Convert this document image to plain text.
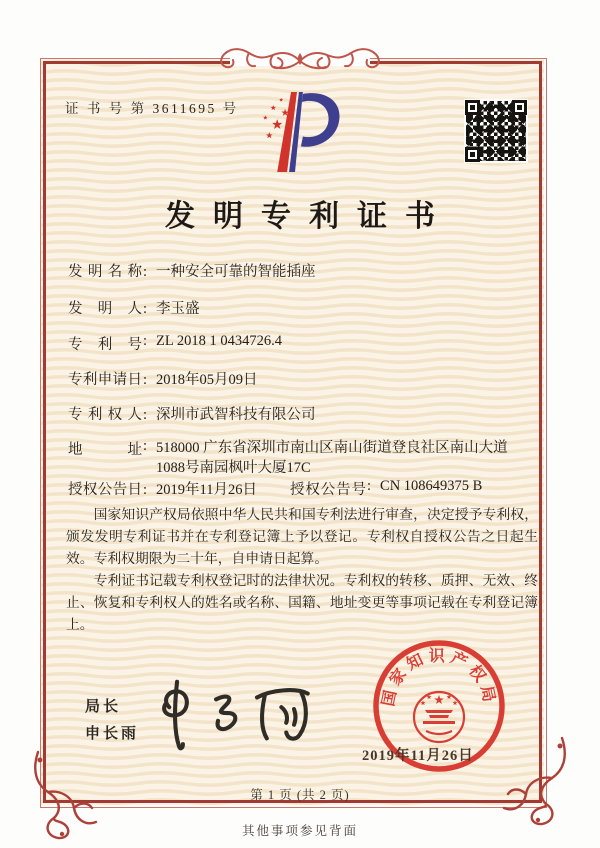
证 书 号 第 3611695 号
发明专利证书
发明名称: 一种安全可靠的智能插座
发明人: 李玉盛
专利号: ZL 2018 1 0434726.4
专利申请日: 2018年05月09日
专利权人: 深圳市武智科技有限公司
地址: 518000 广东省深圳市南山区南山街道登良社区南山大道1088号南园枫叶大厦17C
授权公告日: 2019年11月26日 授权公告号: CN 108649375 B

国家知识产权局依照中华人民共和国专利法进行审查，决定授予专利权，颁发发明专利证书并在专利登记簿上予以登记。专利权自授权公告之日起生效。专利权期限为二十年，自申请日起算。

专利证书记载专利权登记时的法律状况。专利权的转移、质押、无效、终止、恢复和专利权人的姓名或名称、国籍、地址变更等事项记载在专利登记簿上。

局长
申长雨
国家知识产权局
2019年11月26日
第 1 页 (共 2 页)
其他事项参见背面
